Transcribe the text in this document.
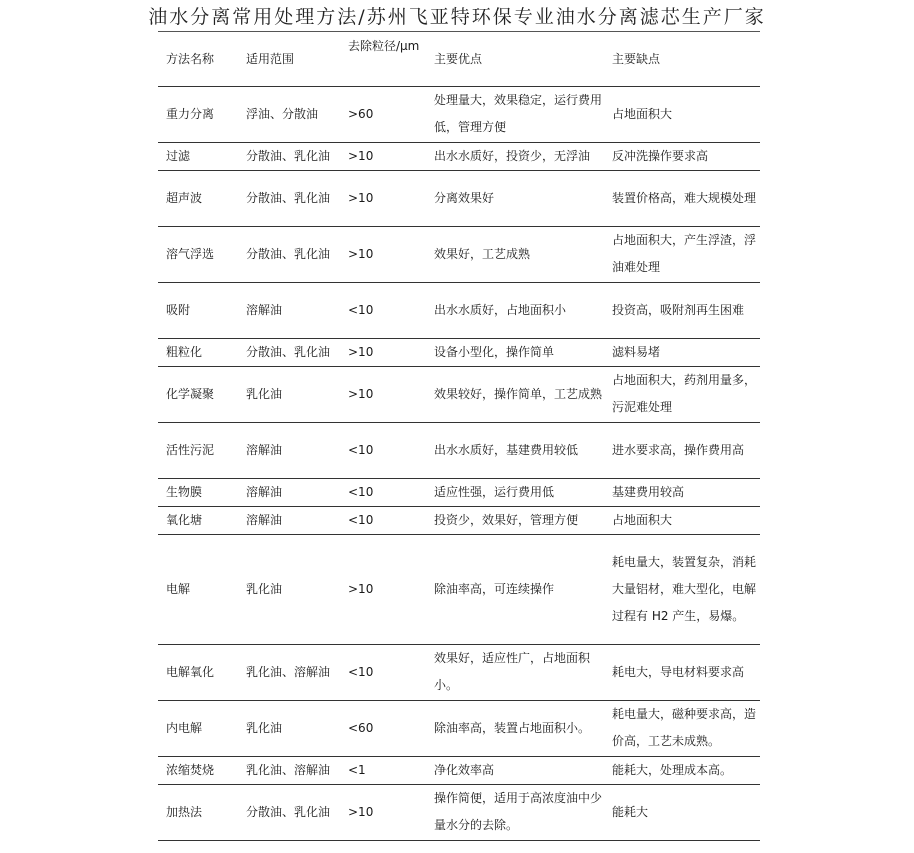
油水分离常用处理方法/苏州飞亚特环保专业油水分离滤芯生产厂家
方法名称	适用范围	去除粒径/μm	主要优点	主要缺点
重力分离	浮油、分散油	>60	处理量大，效果稳定，运行费用低，管理方便	占地面积大
过滤	分散油、乳化油	>10	出水水质好，投资少，无浮油	反冲洗操作要求高
超声波	分散油、乳化油	>10	分离效果好	装置价格高，难大规模处理
溶气浮选	分散油、乳化油	>10	效果好，工艺成熟	占地面积大，产生浮渣，浮油难处理
吸附	溶解油	<10	出水水质好，占地面积小	投资高，吸附剂再生困难
粗粒化	分散油、乳化油	>10	设备小型化，操作简单	滤料易堵
化学凝聚	乳化油	>10	效果较好，操作简单，工艺成熟	占地面积大，药剂用量多，污泥难处理
活性污泥	溶解油	<10	出水水质好，基建费用较低	进水要求高，操作费用高
生物膜	溶解油	<10	适应性强，运行费用低	基建费用较高
氧化塘	溶解油	<10	投资少，效果好，管理方便	占地面积大
电解	乳化油	>10	除油率高，可连续操作	耗电量大，装置复杂，消耗大量铝材，难大型化，电解过程有 H2 产生，易爆。
电解氧化	乳化油、溶解油	<10	效果好，适应性广，占地面积小。	耗电大，导电材料要求高
内电解	乳化油	<60	除油率高，装置占地面积小。	耗电量大，磁种要求高，造价高，工艺未成熟。
浓缩焚烧	乳化油、溶解油	<1	净化效率高	能耗大，处理成本高。
加热法	分散油、乳化油	>10	操作简便，适用于高浓度油中少量水分的去除。	能耗大
